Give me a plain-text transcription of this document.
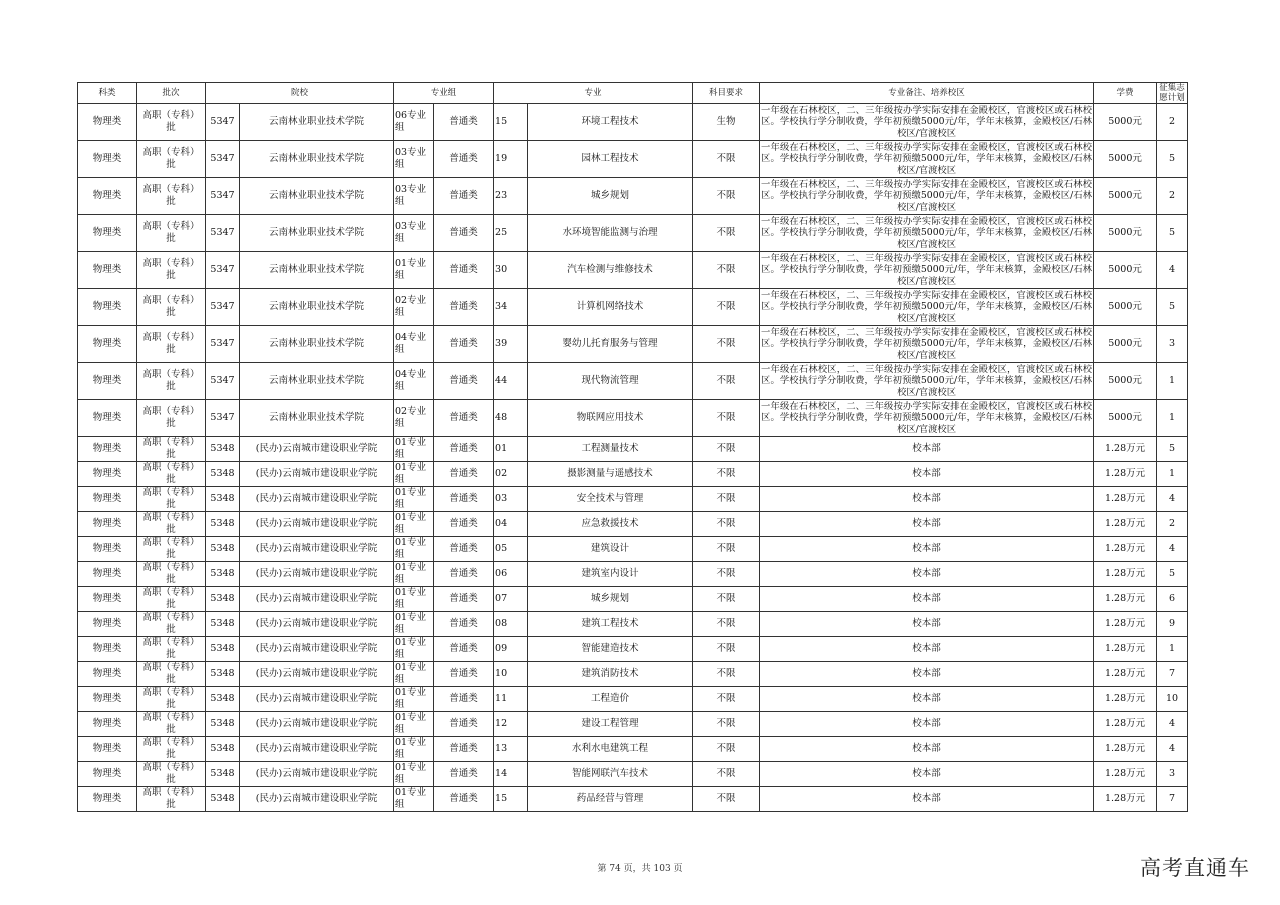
科类	批次	院校		专业组		专业		科目要求	专业备注、培养校区	学费	征集志愿计划
物理类	高职（专科）批	5347	云南林业职业技术学院	06专业组	普通类	15	环境工程技术	生物	一年级在石林校区，二、三年级按办学实际安排在金殿校区，官渡校区或石林校区。学校执行学分制收费，学年初预缴5000元/年，学年末核算，金殿校区/石林校区/官渡校区	5000元	2
物理类	高职（专科）批	5347	云南林业职业技术学院	03专业组	普通类	19	园林工程技术	不限	一年级在石林校区，二、三年级按办学实际安排在金殿校区，官渡校区或石林校区。学校执行学分制收费，学年初预缴5000元/年，学年末核算，金殿校区/石林校区/官渡校区	5000元	5
物理类	高职（专科）批	5347	云南林业职业技术学院	03专业组	普通类	23	城乡规划	不限	一年级在石林校区，二、三年级按办学实际安排在金殿校区，官渡校区或石林校区。学校执行学分制收费，学年初预缴5000元/年，学年末核算，金殿校区/石林校区/官渡校区	5000元	2
物理类	高职（专科）批	5347	云南林业职业技术学院	03专业组	普通类	25	水环境智能监测与治理	不限	一年级在石林校区，二、三年级按办学实际安排在金殿校区，官渡校区或石林校区。学校执行学分制收费，学年初预缴5000元/年，学年末核算，金殿校区/石林校区/官渡校区	5000元	5
物理类	高职（专科）批	5347	云南林业职业技术学院	01专业组	普通类	30	汽车检测与维修技术	不限	一年级在石林校区，二、三年级按办学实际安排在金殿校区，官渡校区或石林校区。学校执行学分制收费，学年初预缴5000元/年，学年末核算，金殿校区/石林校区/官渡校区	5000元	4
物理类	高职（专科）批	5347	云南林业职业技术学院	02专业组	普通类	34	计算机网络技术	不限	一年级在石林校区，二、三年级按办学实际安排在金殿校区，官渡校区或石林校区。学校执行学分制收费，学年初预缴5000元/年，学年末核算，金殿校区/石林校区/官渡校区	5000元	5
物理类	高职（专科）批	5347	云南林业职业技术学院	04专业组	普通类	39	婴幼儿托育服务与管理	不限	一年级在石林校区，二、三年级按办学实际安排在金殿校区，官渡校区或石林校区。学校执行学分制收费，学年初预缴5000元/年，学年末核算，金殿校区/石林校区/官渡校区	5000元	3
物理类	高职（专科）批	5347	云南林业职业技术学院	04专业组	普通类	44	现代物流管理	不限	一年级在石林校区，二、三年级按办学实际安排在金殿校区，官渡校区或石林校区。学校执行学分制收费，学年初预缴5000元/年，学年末核算，金殿校区/石林校区/官渡校区	5000元	1
物理类	高职（专科）批	5347	云南林业职业技术学院	02专业组	普通类	48	物联网应用技术	不限	一年级在石林校区，二、三年级按办学实际安排在金殿校区，官渡校区或石林校区。学校执行学分制收费，学年初预缴5000元/年，学年末核算，金殿校区/石林校区/官渡校区	5000元	1
物理类	高职（专科）批	5348	(民办)云南城市建设职业学院	01专业组	普通类	01	工程测量技术	不限	校本部	1.28万元	5
物理类	高职（专科）批	5348	(民办)云南城市建设职业学院	01专业组	普通类	02	摄影测量与遥感技术	不限	校本部	1.28万元	1
物理类	高职（专科）批	5348	(民办)云南城市建设职业学院	01专业组	普通类	03	安全技术与管理	不限	校本部	1.28万元	4
物理类	高职（专科）批	5348	(民办)云南城市建设职业学院	01专业组	普通类	04	应急救援技术	不限	校本部	1.28万元	2
物理类	高职（专科）批	5348	(民办)云南城市建设职业学院	01专业组	普通类	05	建筑设计	不限	校本部	1.28万元	4
物理类	高职（专科）批	5348	(民办)云南城市建设职业学院	01专业组	普通类	06	建筑室内设计	不限	校本部	1.28万元	5
物理类	高职（专科）批	5348	(民办)云南城市建设职业学院	01专业组	普通类	07	城乡规划	不限	校本部	1.28万元	6
物理类	高职（专科）批	5348	(民办)云南城市建设职业学院	01专业组	普通类	08	建筑工程技术	不限	校本部	1.28万元	9
物理类	高职（专科）批	5348	(民办)云南城市建设职业学院	01专业组	普通类	09	智能建造技术	不限	校本部	1.28万元	1
物理类	高职（专科）批	5348	(民办)云南城市建设职业学院	01专业组	普通类	10	建筑消防技术	不限	校本部	1.28万元	7
物理类	高职（专科）批	5348	(民办)云南城市建设职业学院	01专业组	普通类	11	工程造价	不限	校本部	1.28万元	10
物理类	高职（专科）批	5348	(民办)云南城市建设职业学院	01专业组	普通类	12	建设工程管理	不限	校本部	1.28万元	4
物理类	高职（专科）批	5348	(民办)云南城市建设职业学院	01专业组	普通类	13	水利水电建筑工程	不限	校本部	1.28万元	4
物理类	高职（专科）批	5348	(民办)云南城市建设职业学院	01专业组	普通类	14	智能网联汽车技术	不限	校本部	1.28万元	3
物理类	高职（专科）批	5348	(民办)云南城市建设职业学院	01专业组	普通类	15	药品经营与管理	不限	校本部	1.28万元	7
第 74 页，共 103 页	高考直通车
